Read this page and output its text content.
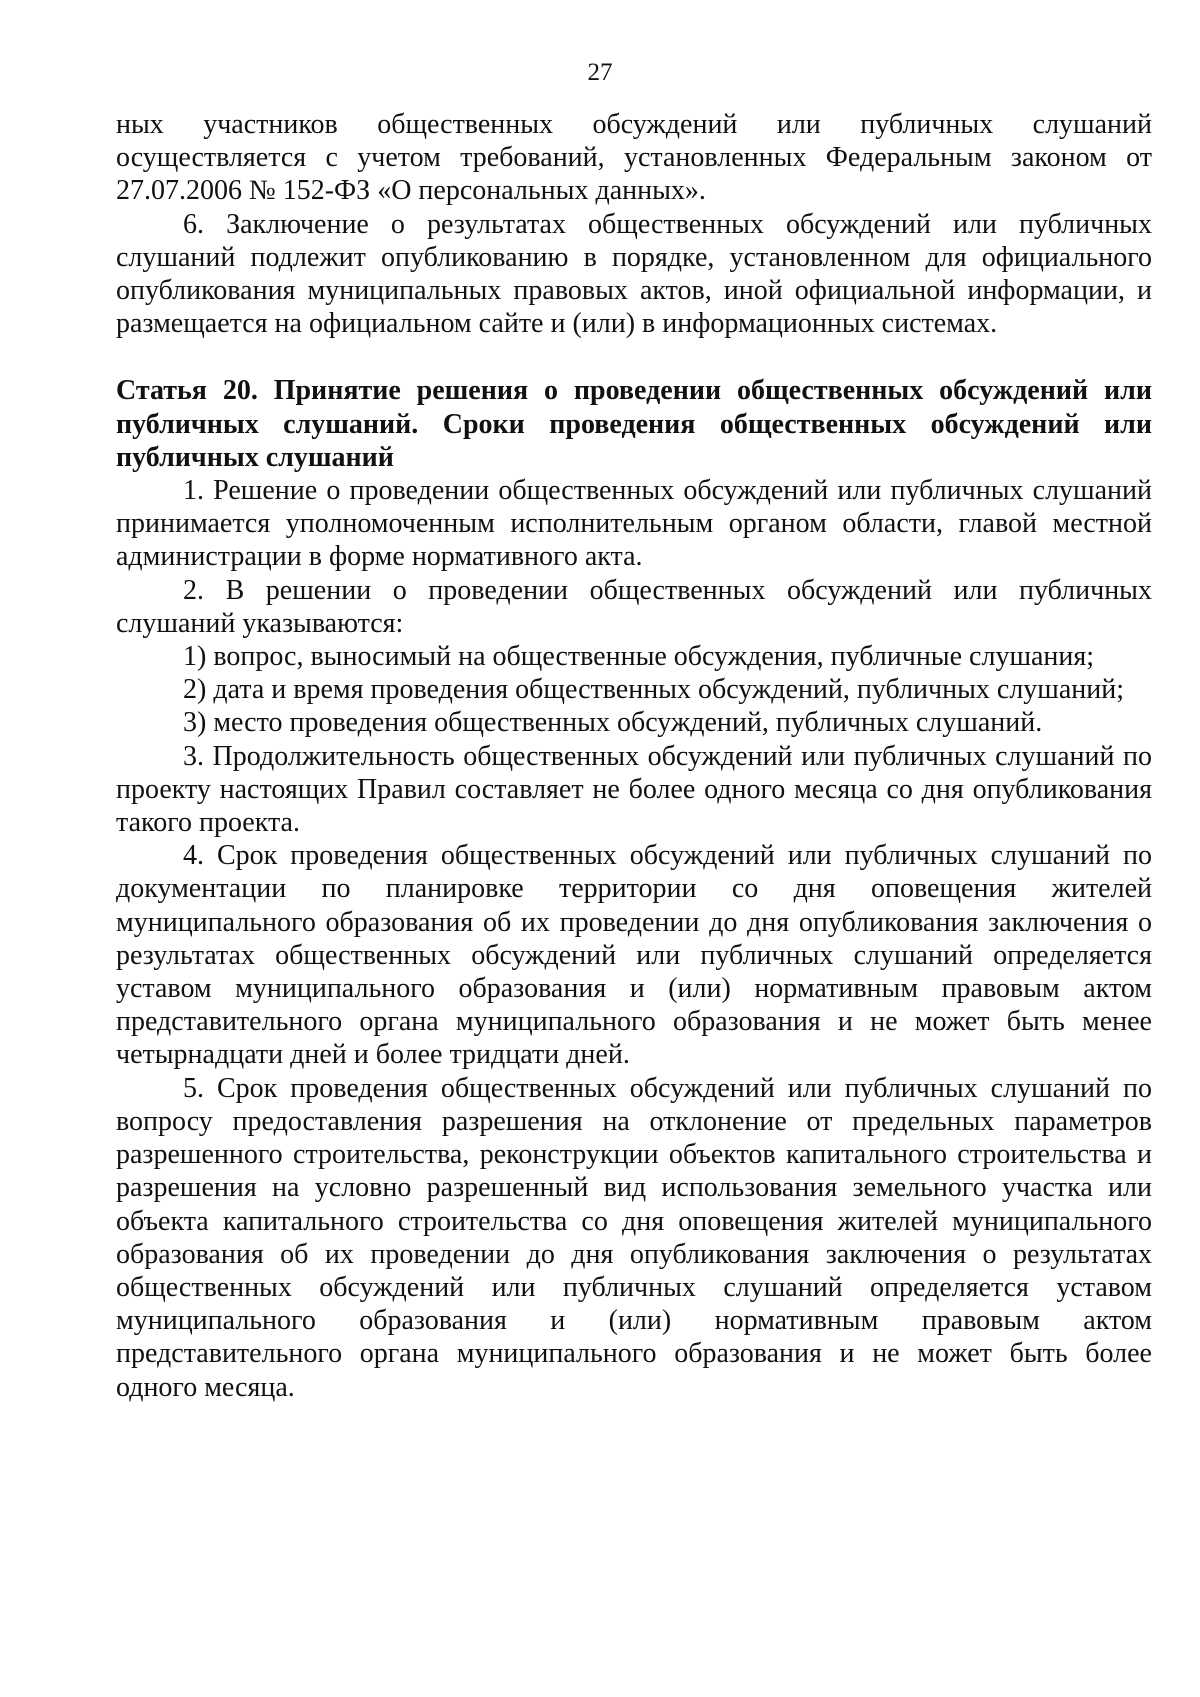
27

ных участников общественных обсуждений или публичных слушаний осуществляется с учетом требований, установленных Федеральным законом от 27.07.2006 № 152-ФЗ «О персональных данных».

6. Заключение о результатах общественных обсуждений или публичных слушаний подлежит опубликованию в порядке, установленном для официального опубликования муниципальных правовых актов, иной официальной информации, и размещается на официальном сайте и (или) в информационных системах.

Статья 20. Принятие решения о проведении общественных обсуждений или публичных слушаний. Сроки проведения общественных обсуждений или публичных слушаний

1. Решение о проведении общественных обсуждений или публичных слушаний принимается уполномоченным исполнительным органом области, главой местной администрации в форме нормативного акта.

2. В решении о проведении общественных обсуждений или публичных слушаний указываются:

1) вопрос, выносимый на общественные обсуждения, публичные слушания;

2) дата и время проведения общественных обсуждений, публичных слушаний;

3) место проведения общественных обсуждений, публичных слушаний.

3. Продолжительность общественных обсуждений или публичных слушаний по проекту настоящих Правил составляет не более одного месяца со дня опубликования такого проекта.

4. Срок проведения общественных обсуждений или публичных слушаний по документации по планировке территории со дня оповещения жителей муниципального образования об их проведении до дня опубликования заключения о результатах общественных обсуждений или публичных слушаний определяется уставом муниципального образования и (или) нормативным правовым актом представительного органа муниципального образования и не может быть менее четырнадцати дней и более тридцати дней.

5. Срок проведения общественных обсуждений или публичных слушаний по вопросу предоставления разрешения на отклонение от предельных параметров разрешенного строительства, реконструкции объектов капитального строительства и разрешения на условно разрешенный вид использования земельного участка или объекта капитального строительства со дня оповещения жителей муниципального образования об их проведении до дня опубликования заключения о результатах общественных обсуждений или публичных слушаний определяется уставом муниципального образования и (или) нормативным правовым актом представительного органа муниципального образования и не может быть более одного месяца.
